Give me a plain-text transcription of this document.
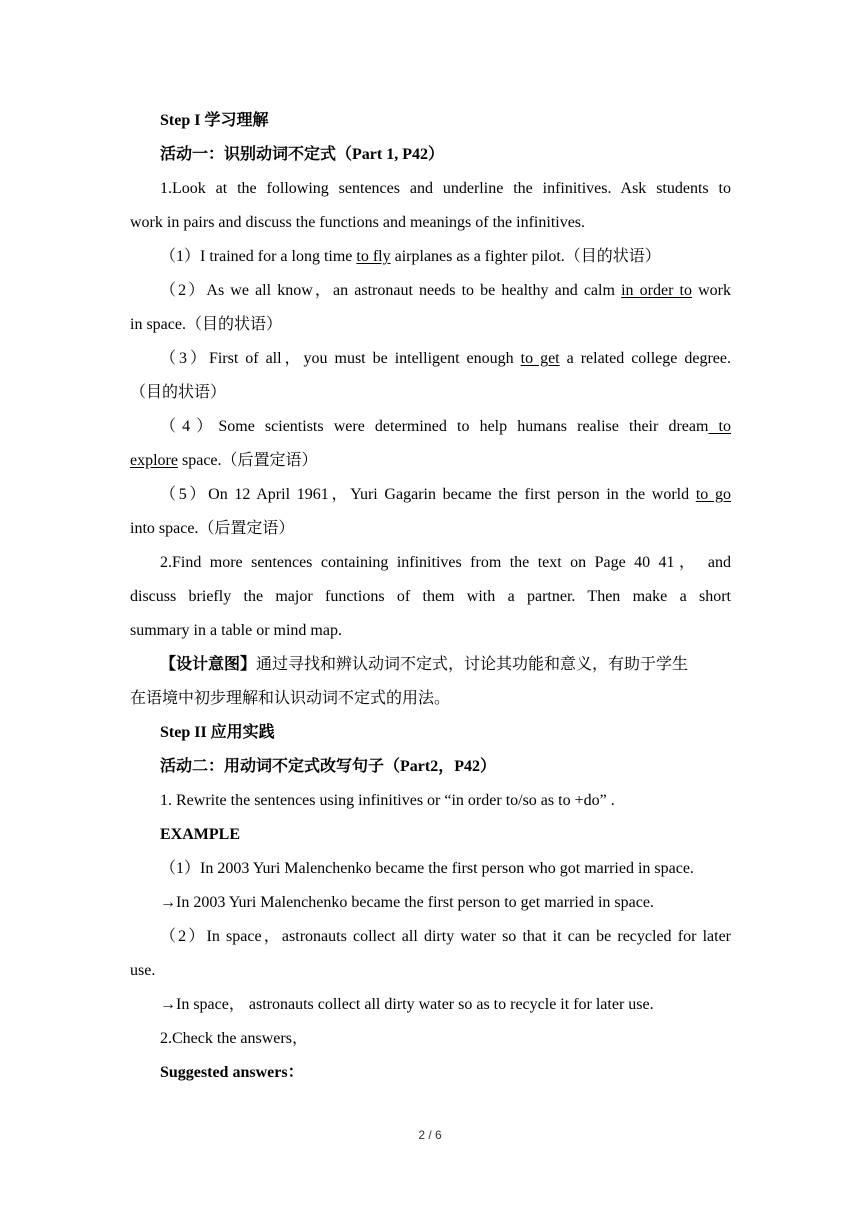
Step I 学习理解
活动一：识别动词不定式（Part 1, P42）
1.Look at the following sentences and underline the infinitives. Ask students to
work in pairs and discuss the functions and meanings of the infinitives.
（1）I trained for a long time to fly airplanes as a fighter pilot.（目的状语）
（2）As we all know，an astronaut needs to be healthy and calm in order to work
in space.（目的状语）
（3）First of all，you must be intelligent enough to get a related college degree.
（目的状语）
（4）Some scientists were determined to help humans realise their dream to
explore space.（后置定语）
（5）On 12 April 1961，Yuri Gagarin became the first person in the world to go
into space.（后置定语）
2.Find more sentences containing infinitives from the text on Page 40 41， and
discuss briefly the major functions of them with a partner. Then make a short
summary in a table or mind map.
【设计意图】通过寻找和辨认动词不定式，讨论其功能和意义，有助于学生
在语境中初步理解和认识动词不定式的用法。
Step II 应用实践
活动二：用动词不定式改写句子（Part2，P42）
1. Rewrite the sentences using infinitives or “in order to/so as to +do” .
EXAMPLE
（1）In 2003 Yuri Malenchenko became the first person who got married in space.
→In 2003 Yuri Malenchenko became the first person to get married in space.
（2）In space，astronauts collect all dirty water so that it can be recycled for later
use.
→In space， astronauts collect all dirty water so as to recycle it for later use.
2.Check the answers，
Suggested answers：
2 / 6
